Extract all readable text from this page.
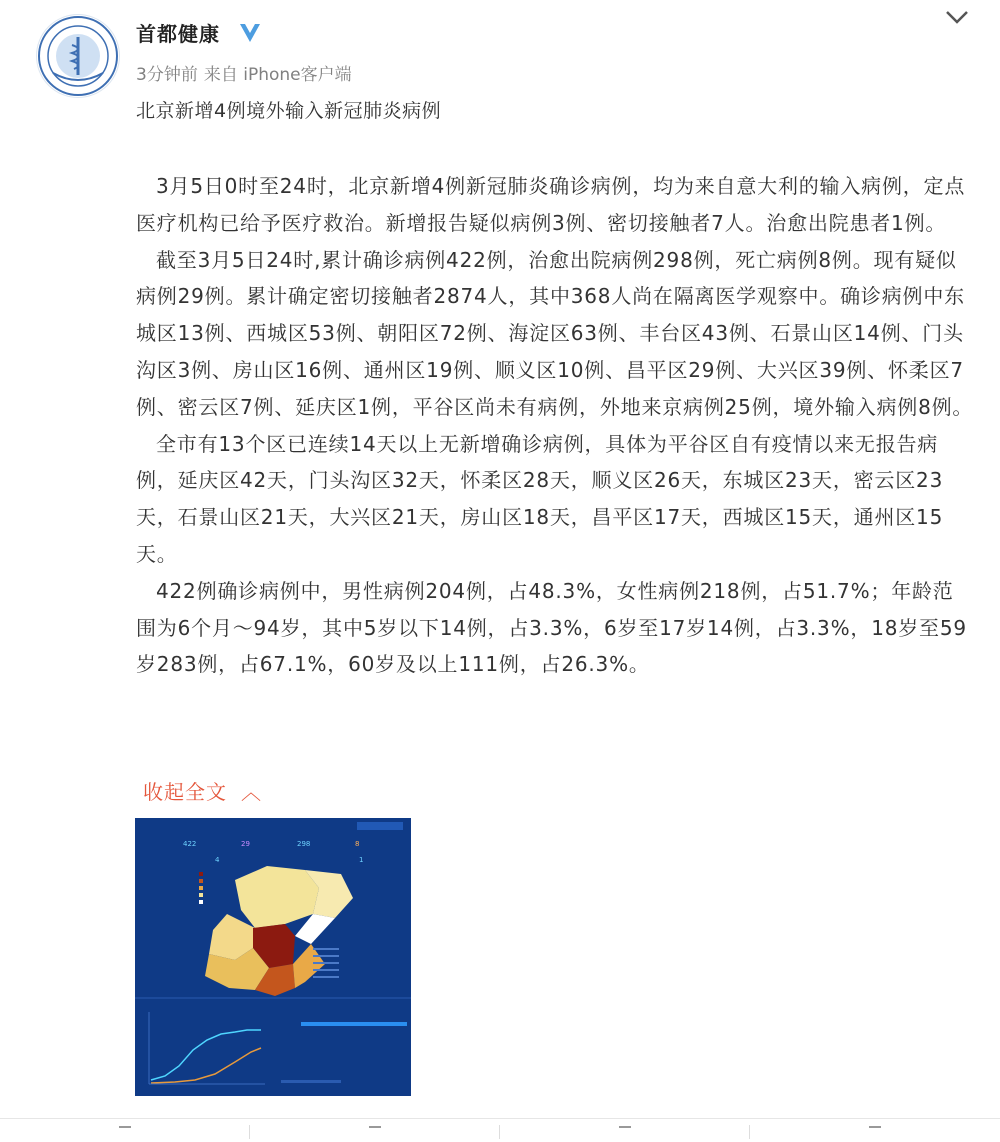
首都健康
3分钟前 来自 iPhone客户端
北京新增4例境外输入新冠肺炎病例

3月5日0时至24时，北京新增4例新冠肺炎确诊病例，均为来自意大利的输入病例，定点医疗机构已给予医疗救治。新增报告疑似病例3例、密切接触者7人。治愈出院患者1例。

截至3月5日24时,累计确诊病例422例，治愈出院病例298例，死亡病例8例。现有疑似病例29例。累计确定密切接触者2874人，其中368人尚在隔离医学观察中。确诊病例中东城区13例、西城区53例、朝阳区72例、海淀区63例、丰台区43例、石景山区14例、门头沟区3例、房山区16例、通州区19例、顺义区10例、昌平区29例、大兴区39例、怀柔区7例、密云区7例、延庆区1例，平谷区尚未有病例，外地来京病例25例，境外输入病例8例。

全市有13个区已连续14天以上无新增确诊病例，具体为平谷区自有疫情以来无报告病例，延庆区42天，门头沟区32天，怀柔区28天，顺义区26天，东城区23天，密云区23天，石景山区21天，大兴区21天，房山区18天，昌平区17天，西城区15天，通州区15天。

422例确诊病例中，男性病例204例，占48.3%，女性病例218例，占51.7%；年龄范围为6个月～94岁，其中5岁以下14例，占3.3%，6岁至17岁14例，占3.3%，18岁至59岁283例，占67.1%，60岁及以上111例，占26.3%。

收起全文 ︿
422	29	298	8
4	1
